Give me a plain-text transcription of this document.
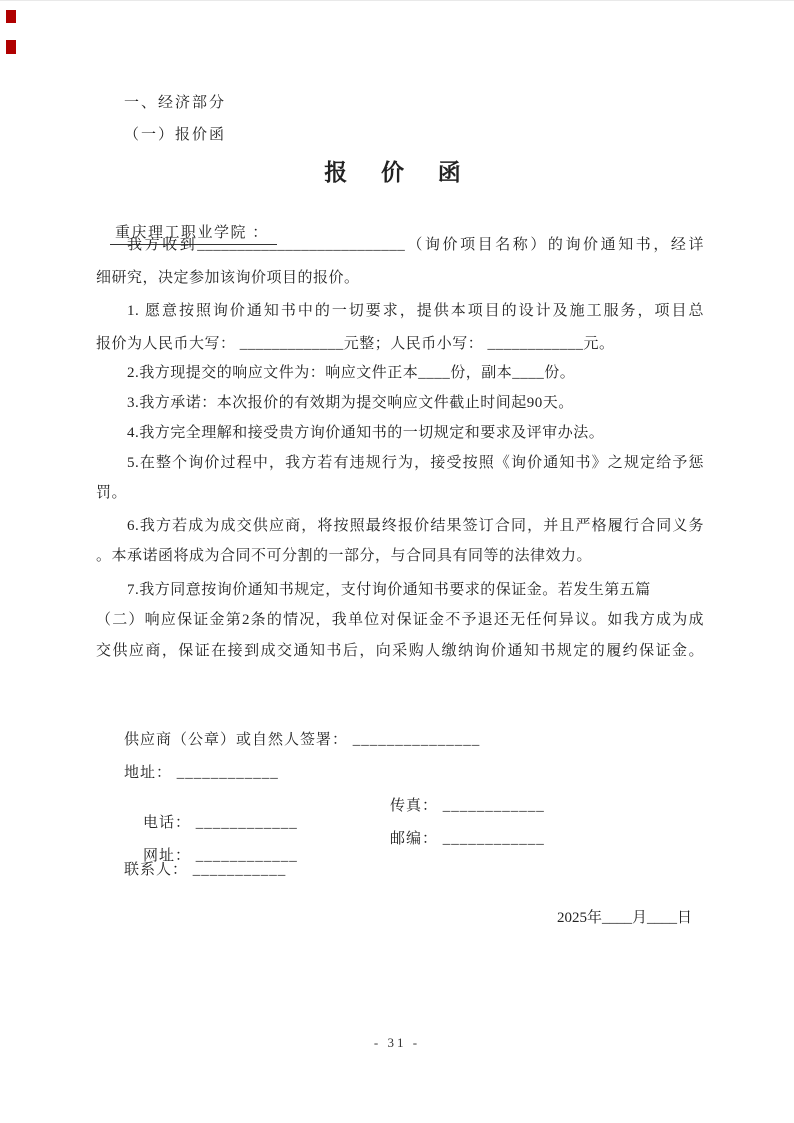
一、经济部分
（一）报价函
报 价 函

重庆理工职业学院 ：

我方收到__________________________（询价项目名称）的询价通知书，经详
细研究，决定参加该询价项目的报价。
1. 愿意按照询价通知书中的一切要求，提供本项目的设计及施工服务，项目总
报价为人民币大写： _____________元整；人民币小写： ____________元。
2.我方现提交的响应文件为：响应文件正本____份，副本____份。
3.我方承诺：本次报价的有效期为提交响应文件截止时间起90天。
4.我方完全理解和接受贵方询价通知书的一切规定和要求及评审办法。
5.在整个询价过程中，我方若有违规行为，接受按照《询价通知书》之规定给予惩
罚。
6.我方若成为成交供应商，将按照最终报价结果签订合同，并且严格履行合同义务
。本承诺函将成为合同不可分割的一部分，与合同具有同等的法律效力。
7.我方同意按询价通知书规定，支付询价通知书要求的保证金。若发生第五篇
（二）响应保证金第2条的情况，我单位对保证金不予退还无任何异议。如我方成为成
交供应商，保证在接到成交通知书后，向采购人缴纳询价通知书规定的履约保证金。
供应商（公章）或自然人签署： _______________
地址： ____________

电话： ____________

传真： ____________

网址： ____________

邮编： ____________

联系人： ___________
2025年____月____日
- 31 -
